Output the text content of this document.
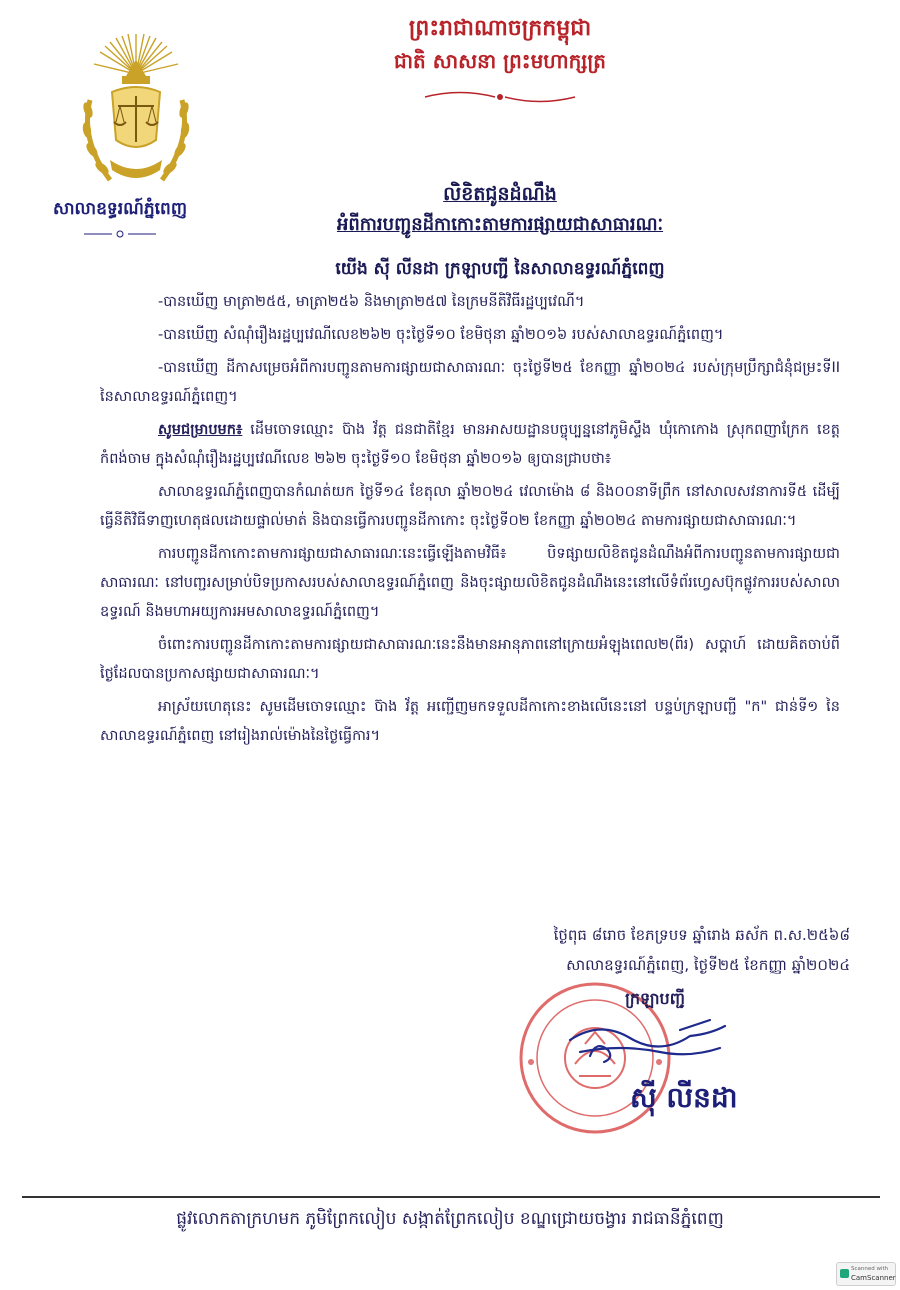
សាលាឧទ្ធរណ៍ភ្នំពេញ
ព្រះរាជាណាចក្រកម្ពុជា
ជាតិ សាសនា ព្រះមហាក្សត្រ
លិខិតជូនដំណឹង
អំពីការបញ្ជូនដីកាកោះតាមការផ្សាយជាសាធារណៈ
យើង ស៊ី លីនដា ក្រឡាបញ្ជី នៃសាលាឧទ្ធរណ៍ភ្នំពេញ

-បានឃើញ មាត្រា២៥៥, មាត្រា២៥៦ និងមាត្រា២៥៧ នៃក្រមនីតិវិធីរដ្ឋប្បវេណី។

-បានឃើញ សំណុំរឿងរដ្ឋប្បវេណីលេខ២៦២ ចុះថ្ងៃទី១០ ខែមិថុនា ឆ្នាំ២០១៦ របស់សាលាឧទ្ធរណ៍ភ្នំពេញ។

-បានឃើញ ដីកាសម្រេចអំពីការបញ្ជូនតាមការផ្សាយជាសាធារណៈ ចុះថ្ងៃទី២៥ ខែកញ្ញា ឆ្នាំ២០២៤ របស់ក្រុមប្រឹក្សាជំនុំជម្រះទីII នៃសាលាឧទ្ធរណ៍ភ្នំពេញ។

សូមជម្រាបមក៖ ដើមចោទឈ្មោះ ប៊ាង វ័ត្ត ជនជាតិខ្មែរ មានអាសយដ្ឋានបច្ចុប្បន្ននៅភូមិស្ទឹង ឃុំកោកោង ស្រុកពញាក្រែក ខេត្តកំពង់ចាម ក្នុងសំណុំរឿងរដ្ឋប្បវេណីលេខ ២៦២ ចុះថ្ងៃទី១០ ខែមិថុនា ឆ្នាំ២០១៦ ឲ្យបានជ្រាបថា៖

សាលាឧទ្ធរណ៍ភ្នំពេញបានកំណត់យក ថ្ងៃទី១៤ ខែតុលា ឆ្នាំ២០២៤ វេលាម៉ោង ៨ និង០០នាទីព្រឹក នៅសាលសវនាការទី៥ ដើម្បីធ្វើនីតិវិធីទាញហេតុផលដោយផ្ទាល់មាត់ និងបានធ្វើការបញ្ជូនដីកាកោះ ចុះថ្ងៃទី០២ ខែកញ្ញា ឆ្នាំ២០២៤ តាមការផ្សាយជាសាធារណៈ។

ការបញ្ជូនដីកាកោះតាមការផ្សាយជាសាធារណៈនេះធ្វើឡើងតាមវិធី៖ បិទផ្សាយលិខិតជូនដំណឹងអំពីការបញ្ជូនតាមការផ្សាយជាសាធារណៈ នៅបញ្ជរសម្រាប់បិទប្រកាសរបស់សាលាឧទ្ធរណ៍ភ្នំពេញ និងចុះផ្សាយលិខិតជូនដំណឹងនេះនៅលើទំព័រហ្វេសប៊ុកផ្លូវការរបស់សាលាឧទ្ធរណ៍ និងមហាអយ្យការអមសាលាឧទ្ធរណ៍ភ្នំពេញ។

ចំពោះការបញ្ជូនដីកាកោះតាមការផ្សាយជាសាធារណៈនេះនឹងមានអានុភាពនៅក្រោយអំឡុងពេល២(ពីរ) សប្តាហ៍ ដោយគិតចាប់ពីថ្ងៃដែលបានប្រកាសផ្សាយជាសាធារណៈ។

អាស្រ័យហេតុនេះ សូមដើមចោទឈ្មោះ ប៊ាង វ័ត្ត អញ្ជើញមកទទួលដីកាកោះខាងលើនេះនៅ បន្ទប់ក្រឡាបញ្ជី "ក" ជាន់ទី១ នៃសាលាឧទ្ធរណ៍ភ្នំពេញ នៅរៀងរាល់ម៉ោងនៃថ្ងៃធ្វើការ។

ថ្ងៃពុធ ៨រោច ខែភទ្របទ ឆ្នាំរោង ឆស័ក ព.ស.២៥៦៨
សាលាឧទ្ធរណ៍ភ្នំពេញ, ថ្ងៃទី២៥ ខែកញ្ញា ឆ្នាំ២០២៤
ក្រឡាបញ្ជី
ស៊ី លីនដា
ផ្លូវលោកតាក្រហមក ភូមិព្រែកលៀប សង្កាត់ព្រែកលៀប ខណ្ឌជ្រោយចង្វារ រាជធានីភ្នំពេញ
Scanned with
CamScanner
